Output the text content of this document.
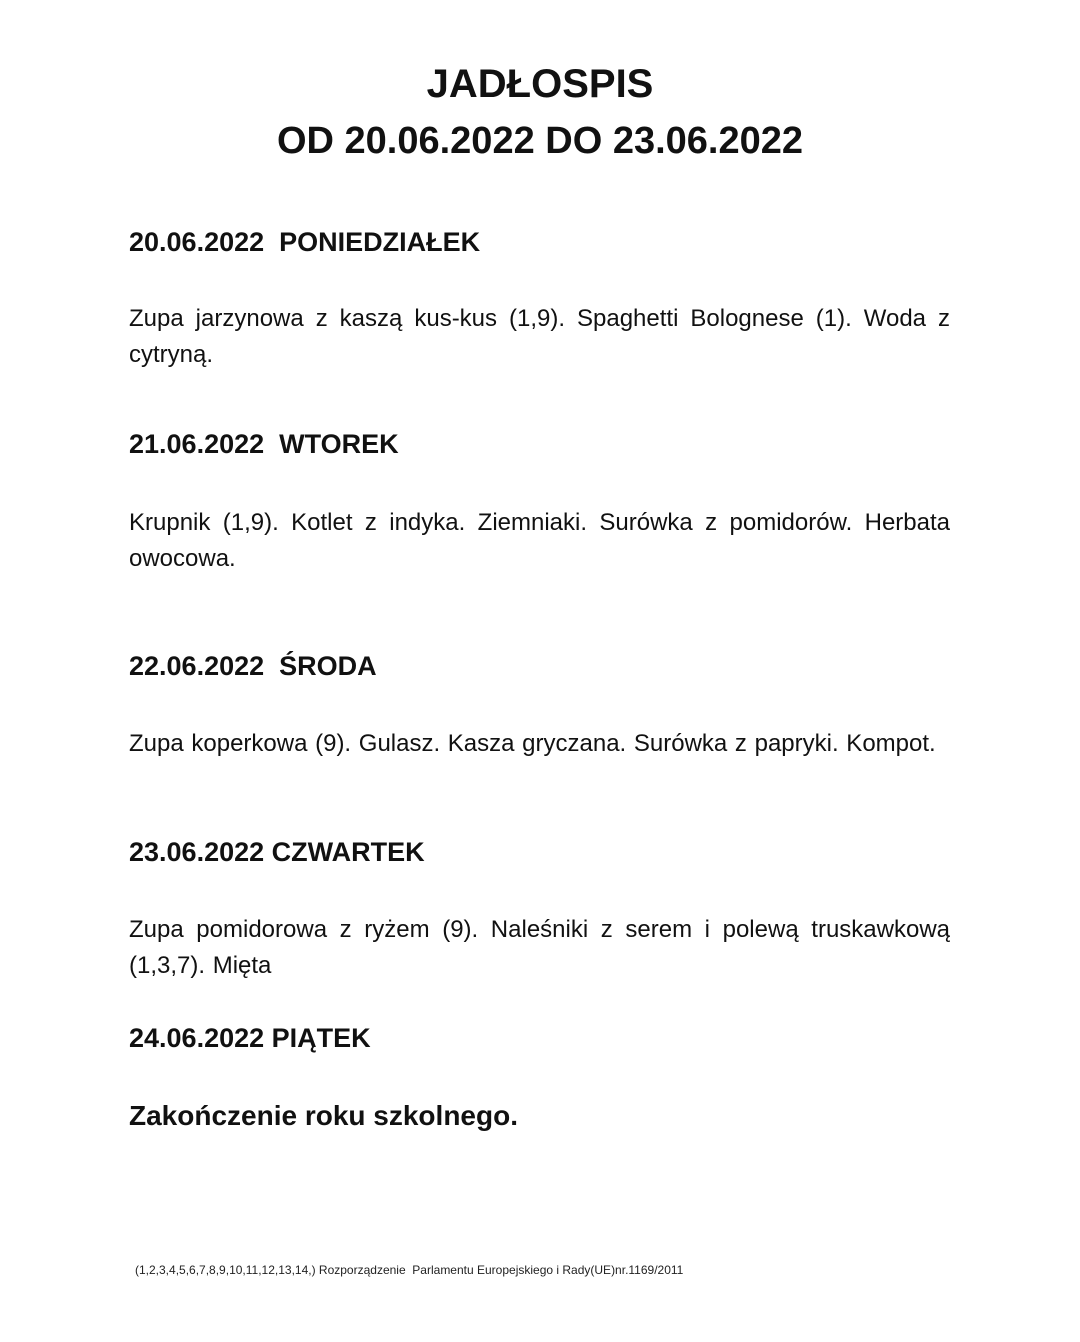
JADŁOSPIS
OD 20.06.2022 DO 23.06.2022
20.06.2022  PONIEDZIAŁEK

Zupa jarzynowa z kaszą kus-kus (1,9). Spaghetti Bolognese (1). Woda z cytryną.

21.06.2022  WTOREK

Krupnik (1,9). Kotlet z indyka. Ziemniaki. Surówka z pomidorów. Herbata owocowa.

22.06.2022  ŚRODA

Zupa koperkowa (9). Gulasz. Kasza gryczana. Surówka z papryki. Kompot.

23.06.2022 CZWARTEK

Zupa pomidorowa z ryżem (9). Naleśniki z serem i polewą truskawkową (1,3,7). Mięta

24.06.2022 PIĄTEK

Zakończenie roku szkolnego.

(1,2,3,4,5,6,7,8,9,10,11,12,13,14,) Rozporządzenie  Parlamentu Europejskiego i Rady(UE)nr.1169/2011
